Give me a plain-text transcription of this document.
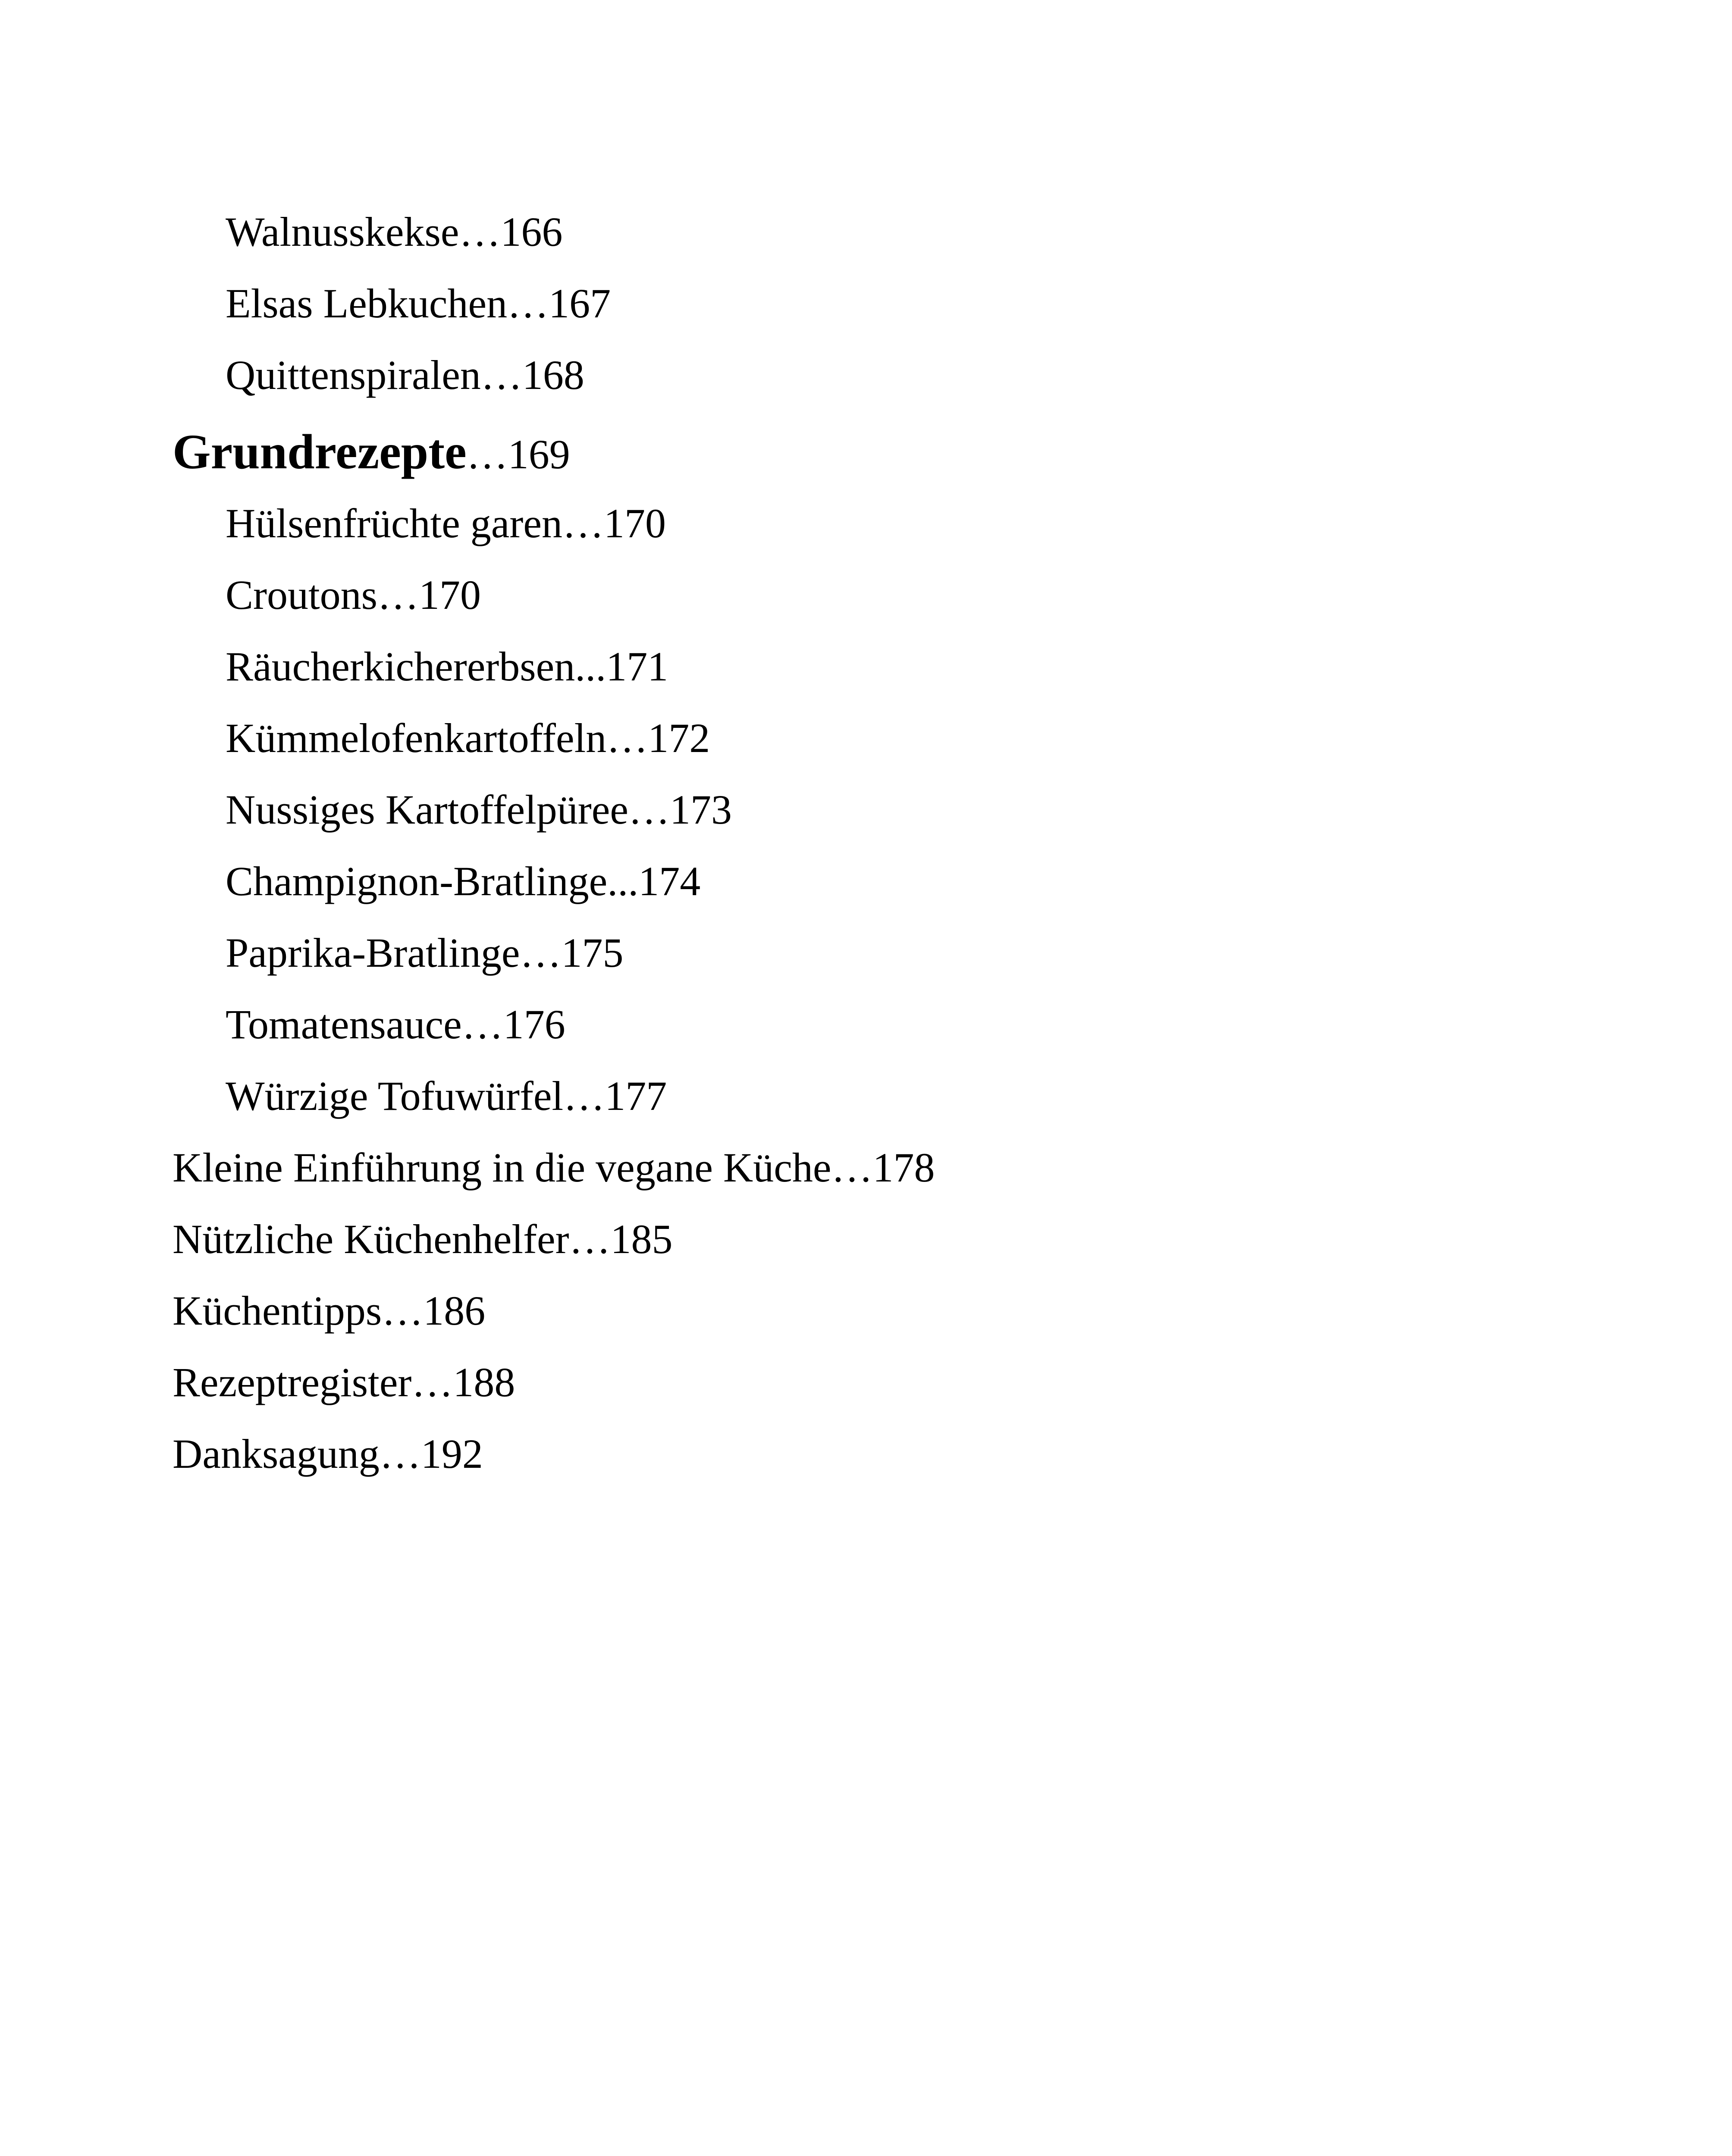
Walnusskekse…166
Elsas Lebkuchen…167
Quittenspiralen…168
Grundrezepte…169
Hülsenfrüchte garen…170
Croutons…170
Räucherkichererbsen...171
Kümmelofenkartoffeln…172
Nussiges Kartoffelpüree…173
Champignon-Bratlinge...174
Paprika-Bratlinge…175
Tomatensauce…176
Würzige Tofuwürfel…177
Kleine Einführung in die vegane Küche…178
Nützliche Küchenhelfer…185
Küchentipps…186
Rezeptregister…188
Danksagung…192
